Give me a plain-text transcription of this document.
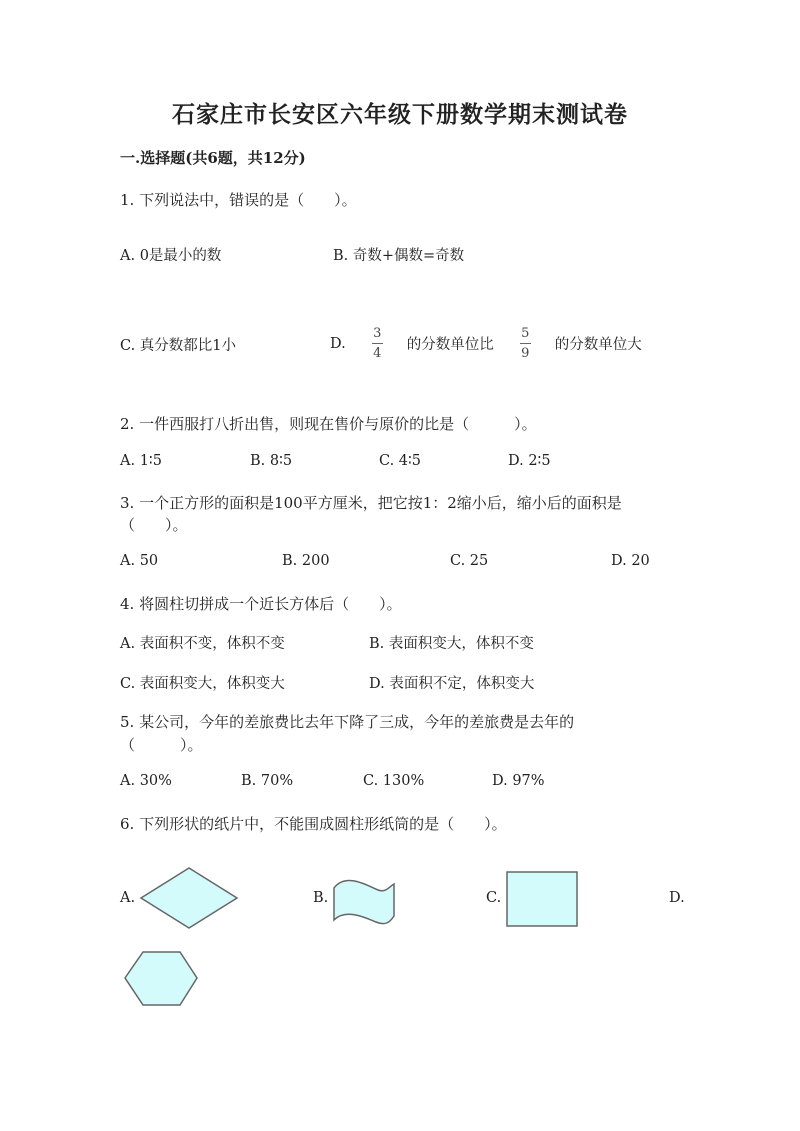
石家庄市长安区六年级下册数学期末测试卷
一.选择题(共6题，共12分)
1. 下列说法中，错误的是（　　）。
A. 0是最小的数	B. 奇数+偶数=奇数
C. 真分数都比1小	D. $\frac{3}{4}$ 的分数单位比 $\frac{5}{9}$ 的分数单位大
2. 一件西服打八折出售，则现在售价与原价的比是（　　　）。
A. 1∶5	B. 8∶5	C. 4∶5	D. 2∶5
3. 一个正方形的面积是100平方厘米，把它按1：2缩小后，缩小后的面积是
（　　）。
A. 50	B. 200	C. 25	D. 20
4. 将圆柱切拼成一个近长方体后（　　）。
A. 表面积不变，体积不变	B. 表面积变大，体积不变
C. 表面积变大，体积变大	D. 表面积不定，体积变大
5. 某公司，今年的差旅费比去年下降了三成，今年的差旅费是去年的
（　　　）。
A. 30%	B. 70%	C. 130%	D. 97%
6. 下列形状的纸片中，不能围成圆柱形纸筒的是（　　）。
A.	B.	C.	D.
